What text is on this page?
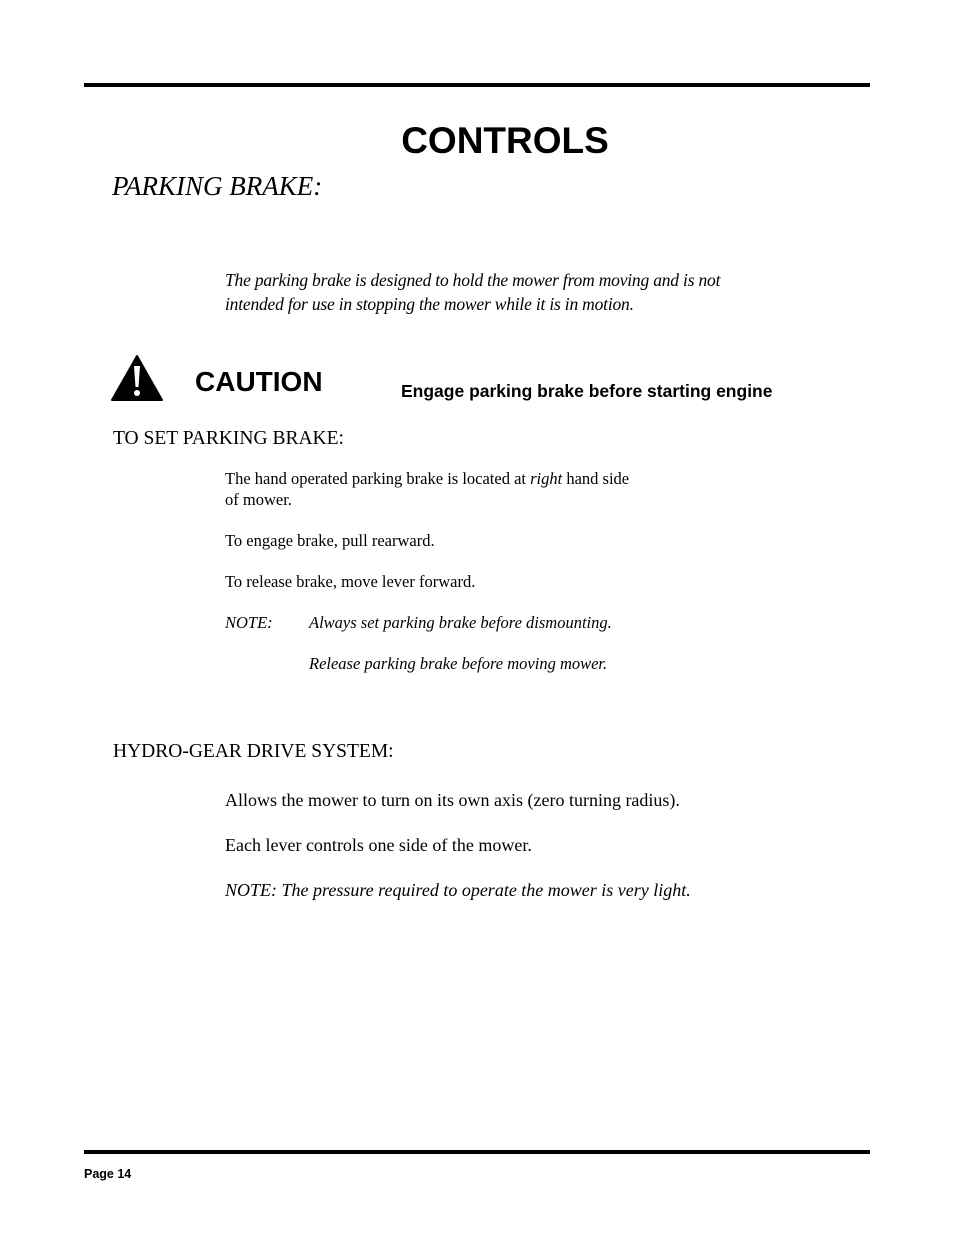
CONTROLS
PARKING BRAKE:
The parking brake is designed to hold the mower from moving and is not
intended for use in stopping the mower while it is in motion.
CAUTION	Engage parking brake before starting engine
TO SET PARKING BRAKE:
The hand operated parking brake is located at right hand side
of mower.
To engage brake, pull rearward.
To release brake, move lever forward.
NOTE: Always set parking brake before dismounting.
Release parking brake before moving mower.
HYDRO-GEAR DRIVE SYSTEM:
Allows the mower to turn on its own axis (zero turning radius).
Each lever controls one side of the mower.
NOTE: The pressure required to operate the mower is very light.
Page 14
